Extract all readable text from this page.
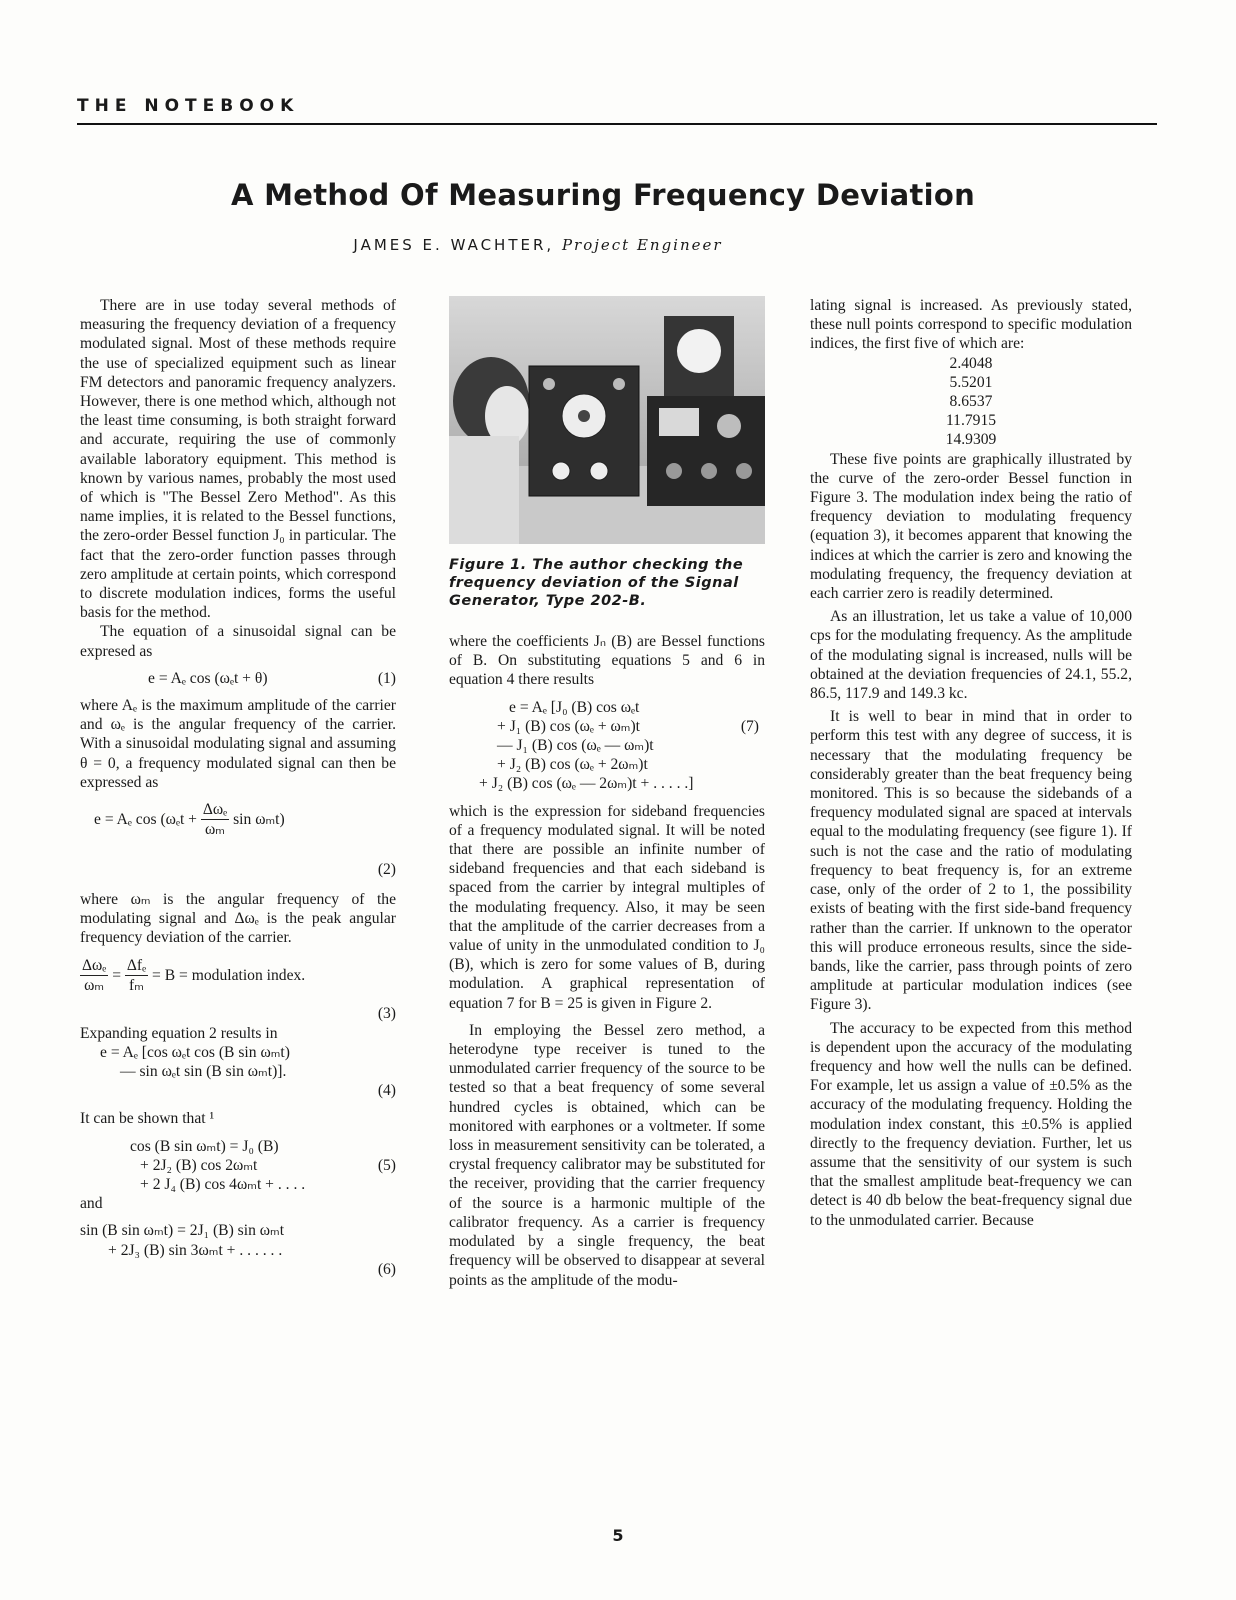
THE NOTEBOOK
A Method Of Measuring Frequency Deviation
JAMES E. WACHTER, Project Engineer

There are in use today several methods of measuring the frequency deviation of a frequency modulated signal. Most of these methods require the use of specialized equipment such as linear FM detectors and panoramic frequency analyzers. However, there is one method which, although not the least time consuming, is both straight forward and accurate, requiring the use of commonly available laboratory equipment. This method is known by various names, probably the most used of which is "The Bessel Zero Method". As this name implies, it is related to the Bessel functions, the zero-order Bessel function J₀ in particular. The fact that the zero-order function passes through zero amplitude at certain points, which correspond to discrete modulation indices, forms the useful basis for the method.

The equation of a sinusoidal signal can be expresed as

e = Aₑ cos (ωₑt + θ)	(1)

where Aₑ is the maximum amplitude of the carrier and ωₑ is the angular frequency of the carrier. With a sinusoidal modulating signal and assuming θ = 0, a frequency modulated signal can then be expressed as

e = Aₑ $\cos (\omega_et + \frac{\text{Δωₑ}}{\text{ωₘ}}$ sin ωₘt)
(2)

where ωₘ is the angular frequency of the modulating signal and Δωₑ is the peak angular frequency deviation of the carrier.

$\frac{\text{Δωₑ}}{\text{ωₘ}} = \frac{\text{Δfₑ}}{\text{fₘ}} = B$ = modulation index.
(3)

Expanding equation 2 results in

e = Aₑ [cos ωₑt cos (B sin ωₘt)
— sin ωₑt sin (B sin ωₘt)].
(4)

It can be shown that ¹

cos (B sin ωₘt) = J₀ (B)
+ 2J₂ (B) cos 2ωₘt
+ 2 J₄ (B) cos 4ωₘt + . . . .
(5)

and

sin (B sin ωₘt) = 2J₁ (B) sin ωₘt
+ 2J₃ (B) sin 3ωₘt + . . . . . .
(6)
Figure 1. The author checking the frequency deviation of the Signal Generator, Type 202-B.

where the coefficients Jₙ (B) are Bessel functions of B. On substituting equations 5 and 6 in equation 4 there results

e = Aₑ [J₀ (B) cos ωₑt
+ J₁ (B) cos (ωₑ + ωₘ)t
— J₁ (B) cos (ωₑ — ωₘ)t
+ J₂ (B) cos (ωₑ + 2ωₘ)t
+ J₂ (B) cos (ωₑ — 2ωₘ)t + . . . . .]
(7)

which is the expression for sideband frequencies of a frequency modulated signal. It will be noted that there are possible an infinite number of sideband frequencies and that each sideband is spaced from the carrier by integral multiples of the modulating frequency. Also, it may be seen that the amplitude of the carrier decreases from a value of unity in the unmodulated condition to J₀ (B), which is zero for some values of B, during modulation. A graphical representation of equation 7 for B = 25 is given in Figure 2.

In employing the Bessel zero method, a heterodyne type receiver is tuned to the unmodulated carrier frequency of the source to be tested so that a beat frequency of some several hundred cycles is obtained, which can be monitored with earphones or a voltmeter. If some loss in measurement sensitivity can be tolerated, a crystal frequency calibrator may be substituted for the receiver, providing that the carrier frequency of the source is a harmonic multiple of the calibrator frequency. As a carrier is frequency modulated by a single frequency, the beat frequency will be observed to disappear at several points as the amplitude of the modu-

lating signal is increased. As previously stated, these null points correspond to specific modulation indices, the first five of which are:

2.4048

5.5201

8.6537

11.7915

14.9309

These five points are graphically illustrated by the curve of the zero-order Bessel function in Figure 3. The modulation index being the ratio of frequency deviation to modulating frequency (equation 3), it becomes apparent that knowing the indices at which the carrier is zero and knowing the modulating frequency, the frequency deviation at each carrier zero is readily determined.

As an illustration, let us take a value of 10,000 cps for the modulating frequency. As the amplitude of the modulating signal is increased, nulls will be obtained at the deviation frequencies of 24.1, 55.2, 86.5, 117.9 and 149.3 kc.

It is well to bear in mind that in order to perform this test with any degree of success, it is necessary that the modulating frequency be considerably greater than the beat frequency being monitored. This is so because the sidebands of a frequency modulated signal are spaced at intervals equal to the modulating frequency (see figure 1). If such is not the case and the ratio of modulating frequency to beat frequency is, for an extreme case, only of the order of 2 to 1, the possibility exists of beating with the first side-band frequency rather than the carrier. If unknown to the operator this will produce erroneous results, since the side-bands, like the carrier, pass through points of zero amplitude at particular modulation indices (see Figure 3).

The accuracy to be expected from this method is dependent upon the accuracy of the modulating frequency and how well the nulls can be defined. For example, let us assign a value of ±0.5% as the accuracy of the modulating frequency. Holding the modulation index constant, this ±0.5% is applied directly to the frequency deviation. Further, let us assume that the sensitivity of our system is such that the smallest amplitude beat-frequency we can detect is 40 db below the beat-frequency signal due to the unmodulated carrier. Because

5
